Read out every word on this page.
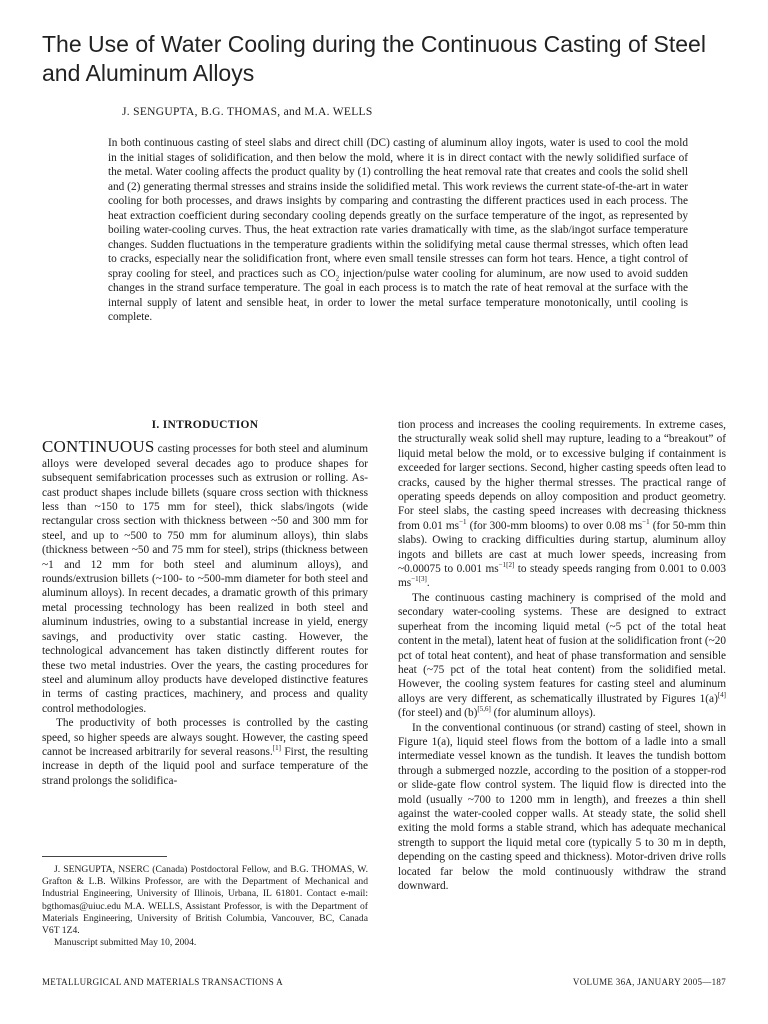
The Use of Water Cooling during the Continuous Casting of Steel and Aluminum Alloys
J. SENGUPTA, B.G. THOMAS, and M.A. WELLS
In both continuous casting of steel slabs and direct chill (DC) casting of aluminum alloy ingots, water is used to cool the mold in the initial stages of solidification, and then below the mold, where it is in direct contact with the newly solidified surface of the metal. Water cooling affects the product quality by (1) controlling the heat removal rate that creates and cools the solid shell and (2) generating thermal stresses and strains inside the solidified metal. This work reviews the current state-of-the-art in water cooling for both processes, and draws insights by comparing and contrasting the different practices used in each process. The heat extraction coefficient during secondary cooling depends greatly on the surface temperature of the ingot, as represented by boiling water-cooling curves. Thus, the heat extraction rate varies dramatically with time, as the slab/ingot surface temperature changes. Sudden fluctuations in the temperature gradients within the solidifying metal cause thermal stresses, which often lead to cracks, especially near the solidification front, where even small tensile stresses can form hot tears. Hence, a tight control of spray cooling for steel, and practices such as $CO_2$ injection/pulse water cooling for aluminum, are now used to avoid sudden changes in the strand surface temperature. The goal in each process is to match the rate of heat removal at the surface with the internal supply of latent and sensible heat, in order to lower the metal surface temperature monotonically, until cooling is complete.
I. INTRODUCTION

CONTINUOUS casting processes for both steel and aluminum alloys were developed several decades ago to produce shapes for subsequent semifabrication processes such as extrusion or rolling. As-cast product shapes include billets (square cross section with thickness less than ~150 to 175 mm for steel), thick slabs/ingots (wide rectangular cross section with thickness between ~50 and 300 mm for steel, and up to ~500 to 750 mm for aluminum alloys), thin slabs (thickness between ~50 and 75 mm for steel), strips (thickness between ~1 and 12 mm for both steel and aluminum alloys), and rounds/extrusion billets (~100- to ~500-mm diameter for both steel and aluminum alloys). In recent decades, a dramatic growth of this primary metal processing technology has been realized in both steel and aluminum industries, owing to a substantial increase in yield, energy savings, and productivity over static casting. However, the technological advancement has taken distinctly different routes for these two metal industries. Over the years, the casting procedures for steel and aluminum alloy products have developed distinctive features in terms of casting practices, machinery, and process and quality control methodologies.

The productivity of both processes is controlled by the casting speed, so higher speeds are always sought. However, the casting speed cannot be increased arbitrarily for several reasons.[1] First, the resulting increase in depth of the liquid pool and surface temperature of the strand prolongs the solidifica-

tion process and increases the cooling requirements. In extreme cases, the structurally weak solid shell may rupture, leading to a “breakout” of liquid metal below the mold, or to excessive bulging if containment is exceeded for larger sections. Second, higher casting speeds often lead to cracks, caused by the higher thermal stresses. The practical range of operating speeds depends on alloy composition and product geometry. For steel slabs, the casting speed increases with decreasing thickness from 0.01 $ms^{-1}$ (for 300-mm blooms) to over 0.08 $ms^{-1}$ (for 50-mm thin slabs). Owing to cracking difficulties during startup, aluminum alloy ingots and billets are cast at much lower speeds, increasing from ~0.00075 to 0.001 $ms^{-1[2]}$ to steady speeds ranging from 0.001 to 0.003 $ms^{-1[3]}$.

The continuous casting machinery is comprised of the mold and secondary water-cooling systems. These are designed to extract superheat from the incoming liquid metal (~5 pct of the total heat content in the metal), latent heat of fusion at the solidification front (~20 pct of total heat content), and heat of phase transformation and sensible heat (~75 pct of the total heat content) from the solidified metal. However, the cooling system features for casting steel and aluminum alloys are very different, as schematically illustrated by Figures 1(a)[4] (for steel) and (b)[5,6] (for aluminum alloys).

In the conventional continuous (or strand) casting of steel, shown in Figure 1(a), liquid steel flows from the bottom of a ladle into a small intermediate vessel known as the tundish. It leaves the tundish bottom through a submerged nozzle, according to the position of a stopper-rod or slide-gate flow control system. The liquid flow is directed into the mold (usually ~700 to 1200 mm in length), and freezes a thin shell against the water-cooled copper walls. At steady state, the solid shell exiting the mold forms a stable strand, which has adequate mechanical strength to support the liquid metal core (typically 5 to 30 m in depth, depending on the casting speed and thickness). Motor-driven drive rolls located far below the mold continuously withdraw the strand downward.

J. SENGUPTA, NSERC (Canada) Postdoctoral Fellow, and B.G. THOMAS, W. Grafton & L.B. Wilkins Professor, are with the Department of Mechanical and Industrial Engineering, University of Illinois, Urbana, IL 61801. Contact e-mail: bgthomas@uiuc.edu M.A. WELLS, Assistant Professor, is with the Department of Materials Engineering, University of British Columbia, Vancouver, BC, Canada V6T 1Z4.

Manuscript submitted May 10, 2004.

METALLURGICAL AND MATERIALS TRANSACTIONS A	VOLUME 36A, JANUARY 2005—187
